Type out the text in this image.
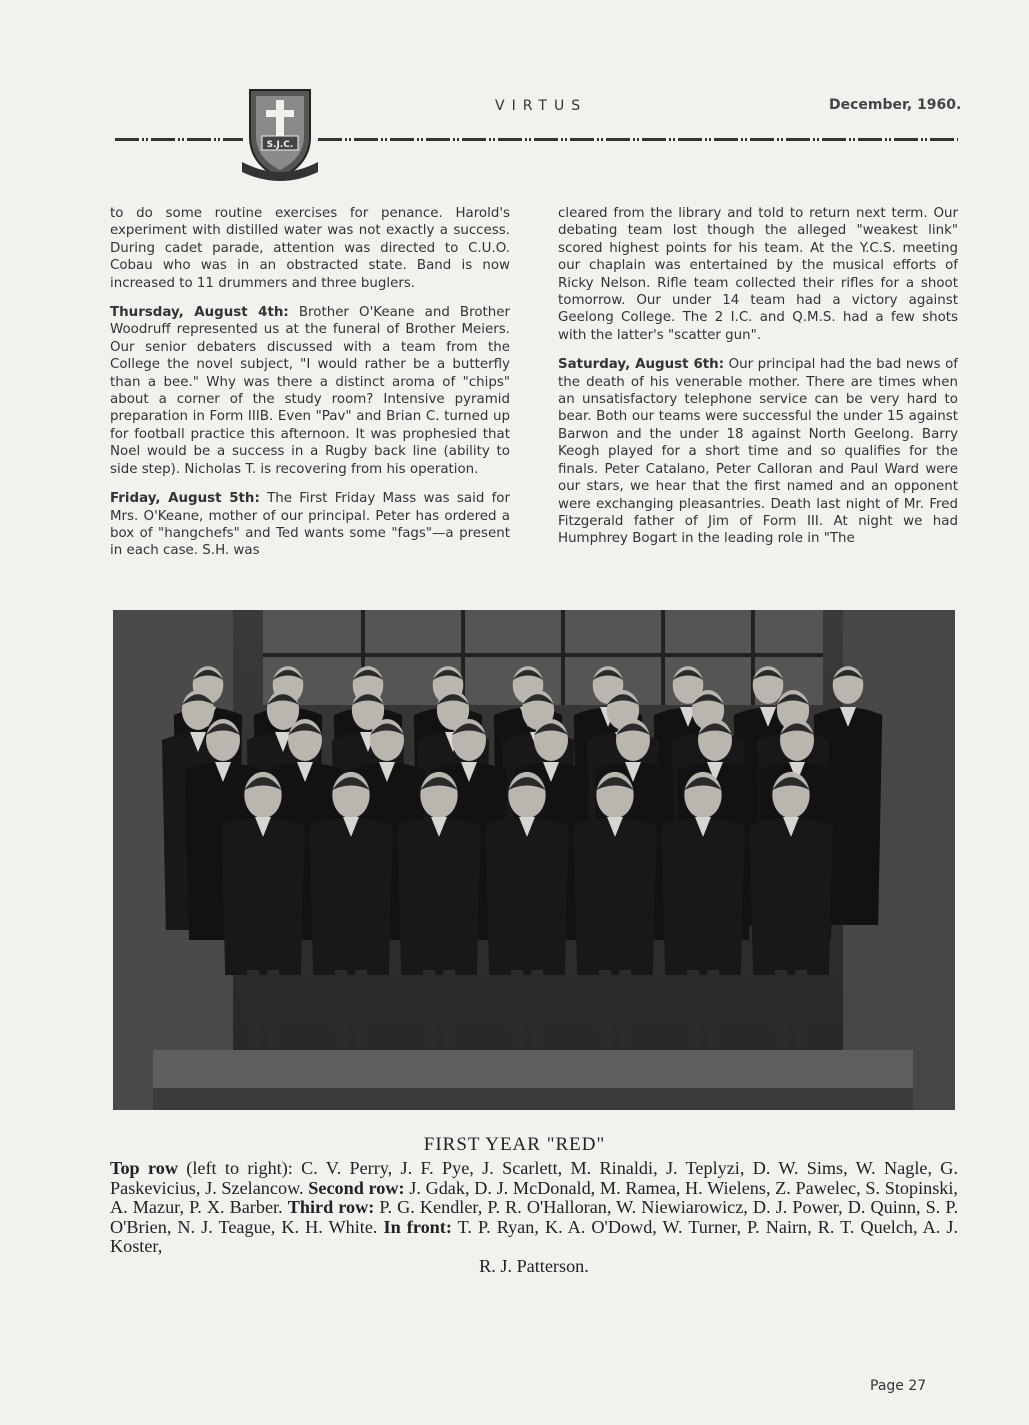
S.J.C.
VIRTUS	December, 1960.

to do some routine exercises for penance. Harold's experiment with distilled water was not exactly a success. During cadet parade, attention was directed to C.U.O. Cobau who was in an obstracted state. Band is now increased to 11 drummers and three buglers.

Thursday, August 4th: Brother O'Keane and Brother Woodruff represented us at the funeral of Brother Meiers. Our senior debaters discussed with a team from the College the novel subject, "I would rather be a butterfly than a bee." Why was there a distinct aroma of "chips" about a corner of the study room? Intensive pyramid preparation in Form IIIB. Even "Pav" and Brian C. turned up for football practice this afternoon. It was prophesied that Noel would be a success in a Rugby back line (ability to side step). Nicholas T. is recovering from his operation.

Friday, August 5th: The First Friday Mass was said for Mrs. O'Keane, mother of our principal. Peter has ordered a box of "hangchefs" and Ted wants some "fags"—a present in each case. S.H. was

cleared from the library and told to return next term. Our debating team lost though the alleged "weakest link" scored highest points for his team. At the Y.C.S. meeting our chaplain was entertained by the musical efforts of Ricky Nelson. Rifle team collected their rifles for a shoot tomorrow. Our under 14 team had a victory against Geelong College. The 2 I.C. and Q.M.S. had a few shots with the latter's "scatter gun".

Saturday, August 6th: Our principal had the bad news of the death of his venerable mother. There are times when an unsatisfactory telephone service can be very hard to bear. Both our teams were successful the under 15 against Barwon and the under 18 against North Geelong. Barry Keogh played for a short time and so qualifies for the finals. Peter Catalano, Peter Calloran and Paul Ward were our stars, we hear that the first named and an opponent were exchanging pleasantries. Death last night of Mr. Fred Fitzgerald father of Jim of Form III. At night we had Humphrey Bogart in the leading role in "The

FIRST YEAR "RED"
Top row (left to right): C. V. Perry, J. F. Pye, J. Scarlett, M. Rinaldi, J. Teplyzi, D. W. Sims, W. Nagle, G. Paskevicius, J. Szelancow. Second row: J. Gdak, D. J. McDonald, M. Ramea, H. Wielens, Z. Pawelec, S. Stopinski, A. Mazur, P. X. Barber. Third row: P. G. Kendler, P. R. O'Halloran, W. Niewiarowicz, D. J. Power, D. Quinn, S. P. O'Brien, N. J. Teague, K. H. White. In front: T. P. Ryan, K. A. O'Dowd, W. Turner, P. Nairn, R. T. Quelch, A. J. Koster,
R. J. Patterson.
Page 27
